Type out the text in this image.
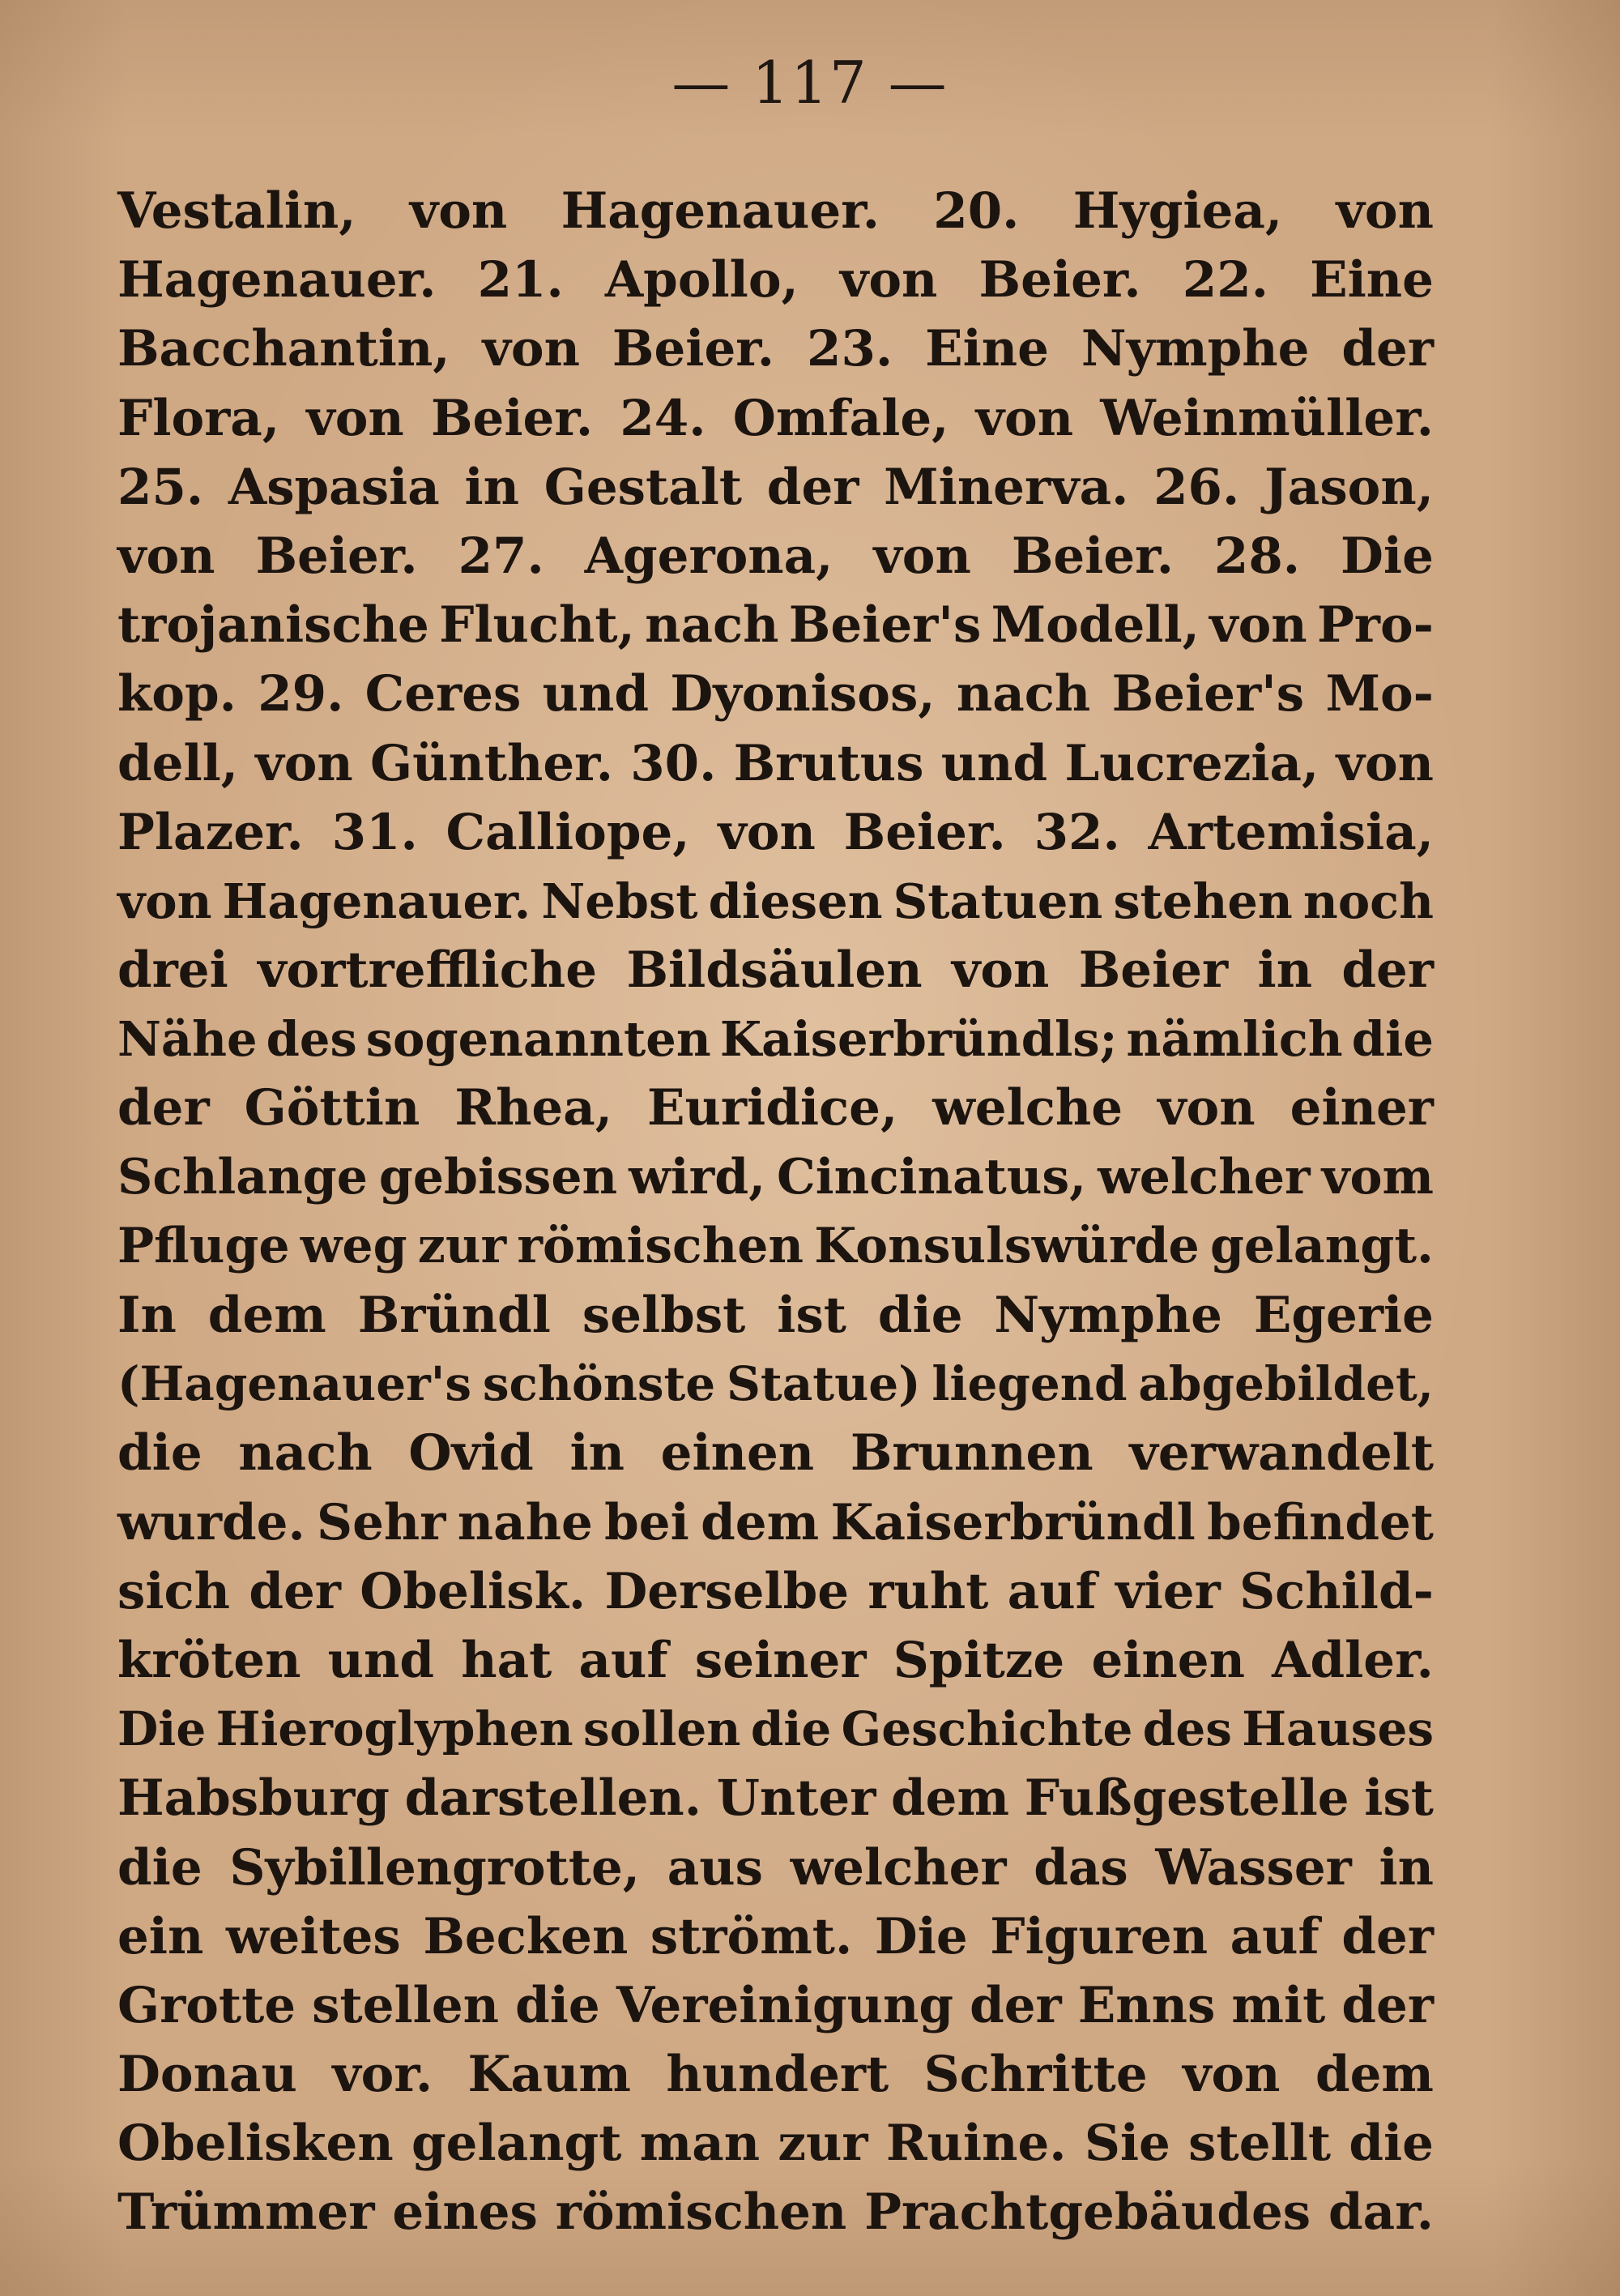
— 117 —
Vestalin, von Hagenauer. 20. Hygiea, von
Hagenauer. 21. Apollo, von Beier. 22. Eine
Bacchantin, von Beier. 23. Eine Nymphe der
Flora, von Beier. 24. Omfale, von Weinmüller.
25. Aspasia in Gestalt der Minerva. 26. Jason,
von Beier. 27. Agerona, von Beier. 28. Die
trojanische Flucht, nach Beier's Modell, von Pro-
kop. 29. Ceres und Dyonisos, nach Beier's Mo-
dell, von Günther. 30. Brutus und Lucrezia, von
Plazer. 31. Calliope, von Beier. 32. Artemisia,
von Hagenauer. Nebst diesen Statuen stehen noch
drei vortreffliche Bildsäulen von Beier in der
Nähe des sogenannten Kaiserbründls; nämlich die
der Göttin Rhea, Euridice, welche von einer
Schlange gebissen wird, Cincinatus, welcher vom
Pfluge weg zur römischen Konsulswürde gelangt.
In dem Bründl selbst ist die Nymphe Egerie
(Hagenauer's schönste Statue) liegend abgebildet,
die nach Ovid in einen Brunnen verwandelt
wurde. Sehr nahe bei dem Kaiserbründl befindet
sich der Obelisk. Derselbe ruht auf vier Schild-
kröten und hat auf seiner Spitze einen Adler.
Die Hieroglyphen sollen die Geschichte des Hauses
Habsburg darstellen. Unter dem Fußgestelle ist
die Sybillengrotte, aus welcher das Wasser in
ein weites Becken strömt. Die Figuren auf der
Grotte stellen die Vereinigung der Enns mit der
Donau vor. Kaum hundert Schritte von dem
Obelisken gelangt man zur Ruine. Sie stellt die
Trümmer eines römischen Prachtgebäudes dar.
